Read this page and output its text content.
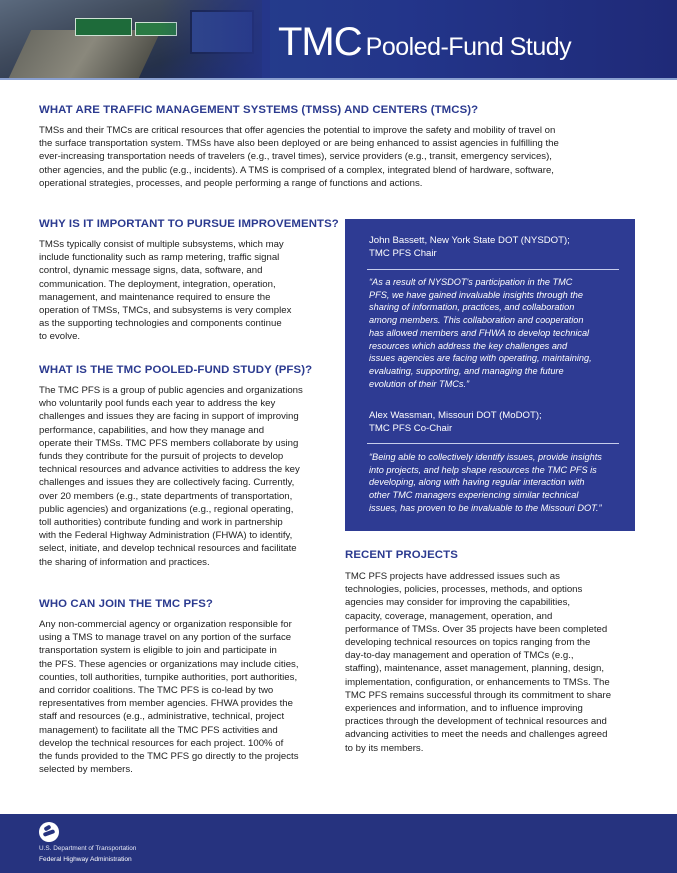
TMC Pooled-Fund Study
WHAT ARE TRAFFIC MANAGEMENT SYSTEMS (TMSS) AND CENTERS (TMCS)?
TMSs and their TMCs are critical resources that offer agencies the potential to improve the safety and mobility of travel on
the surface transportation system. TMSs have also been deployed or are being enhanced to assist agencies in fulfilling the
ever-increasing transportation needs of travelers (e.g., travel times), service providers (e.g., transit, emergency services),
other agencies, and the public (e.g., incidents). A TMS is comprised of a complex, integrated blend of hardware, software,
operational strategies, processes, and people performing a range of functions and actions.
WHY IS IT IMPORTANT TO PURSUE IMPROVEMENTS?
TMSs typically consist of multiple subsystems, which may
include functionality such as ramp metering, traffic signal
control, dynamic message signs, data, software, and
communication. The deployment, integration, operation,
management, and maintenance required to ensure the
operation of TMSs, TMCs, and subsystems is very complex
as the supporting technologies and components continue
to evolve.
WHAT IS THE TMC POOLED-FUND STUDY (PFS)?
The TMC PFS is a group of public agencies and organizations
who voluntarily pool funds each year to address the key
challenges and issues they are facing in support of improving
performance, capabilities, and how they manage and
operate their TMSs. TMC PFS members collaborate by using
funds they contribute for the pursuit of projects to develop
technical resources and advance activities to address the key
challenges and issues they are collectively facing. Currently,
over 20 members (e.g., state departments of transportation,
public agencies) and organizations (e.g., regional operating,
toll authorities) contribute funding and work in partnership
with the Federal Highway Administration (FHWA) to identify,
select, initiate, and develop technical resources and facilitate
the sharing of information and practices.
WHO CAN JOIN THE TMC PFS?
Any non-commercial agency or organization responsible for
using a TMS to manage travel on any portion of the surface
transportation system is eligible to join and participate in
the PFS. These agencies or organizations may include cities,
counties, toll authorities, turnpike authorities, port authorities,
and corridor coalitions. The TMC PFS is co-lead by two
representatives from member agencies. FHWA provides the
staff and resources (e.g., administrative, technical, project
management) to facilitate all the TMC PFS activities and
develop the technical resources for each project. 100% of
the funds provided to the TMC PFS go directly to the projects
selected by members.
John Bassett, New York State DOT (NYSDOT);
TMC PFS Chair
“As a result of NYSDOT's participation in the TMC
PFS, we have gained invaluable insights through the
sharing of information, practices, and collaboration
among members. This collaboration and cooperation
has allowed members and FHWA to develop technical
resources which address the key challenges and
issues agencies are facing with operating, maintaining,
evaluating, supporting, and managing the future
evolution of their TMCs.”
Alex Wassman, Missouri DOT (MoDOT);
TMC PFS Co-Chair
“Being able to collectively identify issues, provide insights
into projects, and help shape resources the TMC PFS is
developing, along with having regular interaction with
other TMC managers experiencing similar technical
issues, has proven to be invaluable to the Missouri DOT.”
RECENT PROJECTS
TMC PFS projects have addressed issues such as
technologies, policies, processes, methods, and options
agencies may consider for improving the capabilities,
capacity, coverage, management, operation, and
performance of TMSs. Over 35 projects have been completed
developing technical resources on topics ranging from the
day-to-day management and operation of TMCs (e.g.,
staffing), maintenance, asset management, planning, design,
implementation, configuration, or enhancements to TMSs. The
TMC PFS remains successful through its commitment to share
experiences and information, and to influence improving
practices through the development of technical resources and
advancing activities to meet the needs and challenges agreed
to by its members.
U.S. Department of Transportation
Federal Highway Administration
